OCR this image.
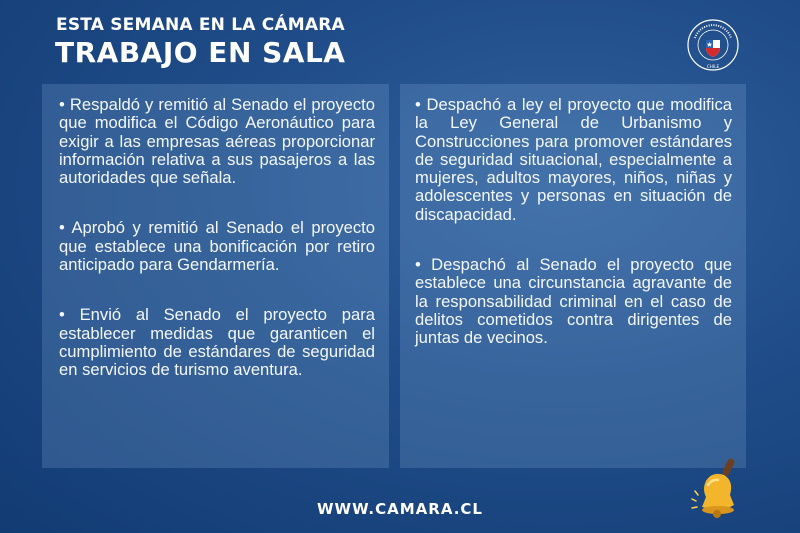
ESTA SEMANA EN LA CÁMARA
TRABAJO EN SALA	CHILE

• Respaldó y remitió al Senado el proyecto que modifica el Código Aeronáutico para exigir a las empresas aéreas proporcionar información relativa a sus pasajeros a las autoridades que señala.

• Aprobó y remitió al Senado el proyecto que establece una bonificación por retiro anticipado para Gendarmería.

• Envió al Senado el proyecto para establecer medidas que garanticen el cumplimiento de estándares de seguridad en servicios de turismo aventura.

• Despachó a ley el proyecto que modifica la Ley General de Urbanismo y Construcciones para promover estándares de seguridad situacional, especialmente a mujeres, adultos mayores, niños, niñas y adolescentes y personas en situación de discapacidad.

• Despachó al Senado el proyecto que establece una circunstancia agravante de la responsabilidad criminal en el caso de delitos cometidos contra dirigentes de juntas de vecinos.

WWW.CAMARA.CL
